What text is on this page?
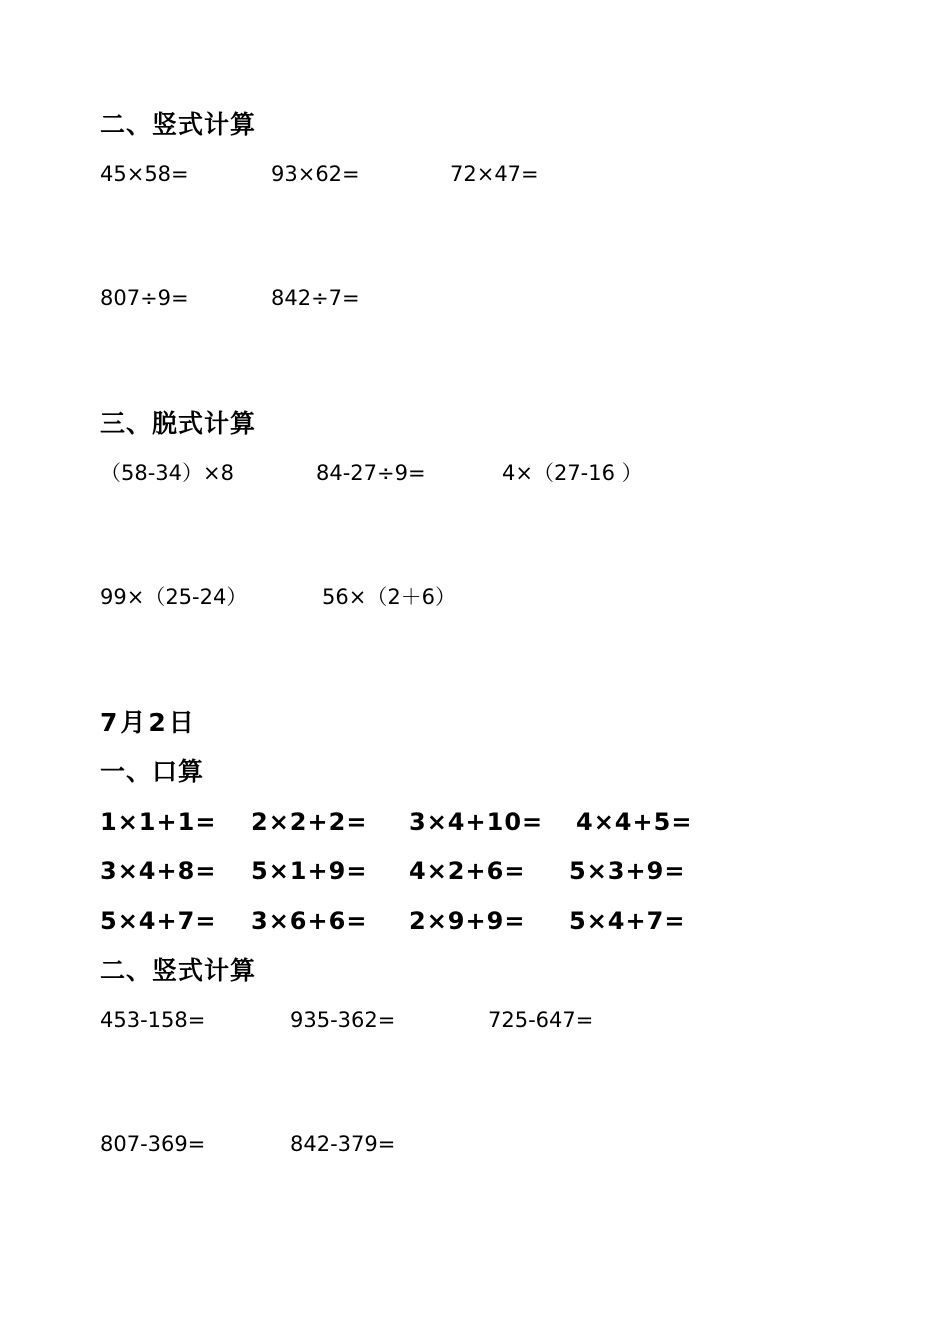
二、竖式计算
45×58=	93×62=	72×47=
807÷9=	842÷7=
三、脱式计算
（58-34）×8	84-27÷9=	4×（27-16 ）
99×（25-24）	56×（2＋6）
7月2日
一、口算
1×1+1= 2×2+2= 3×4+10= 4×4+5=
3×4+8= 5×1+9= 4×2+6= 5×3+9=
5×4+7= 3×6+6= 2×9+9= 5×4+7=
二、竖式计算
453-158=	935-362=	725-647=
807-369=	842-379=
